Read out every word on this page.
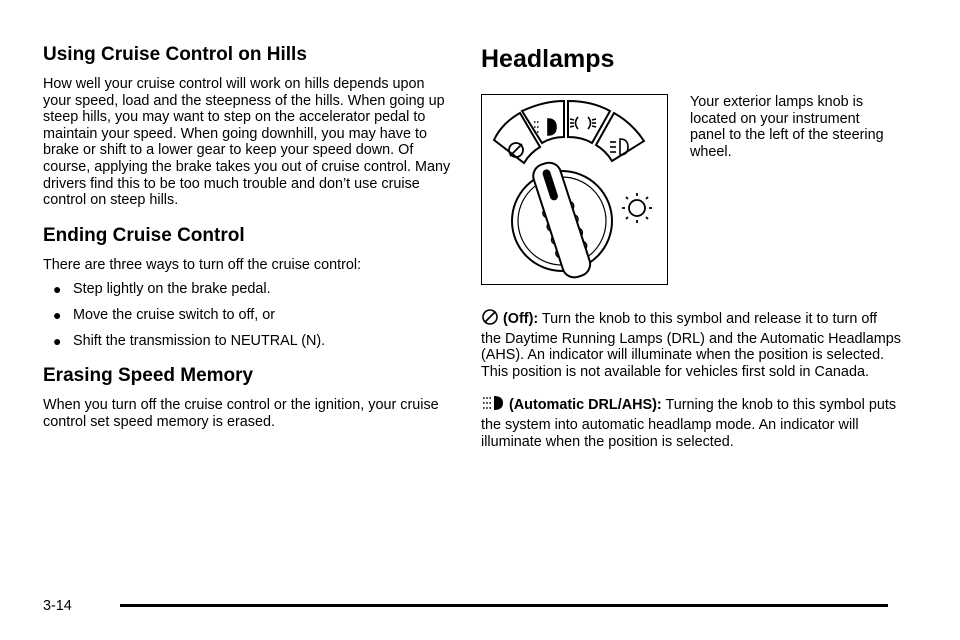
Using Cruise Control on Hills

How well your cruise control will work on hills depends upon your speed, load and the steepness of the hills. When going up steep hills, you may want to step on the accelerator pedal to maintain your speed. When going downhill, you may have to brake or shift to a lower gear to keep your speed down. Of course, applying the brake takes you out of cruise control. Many drivers find this to be too much trouble and don’t use cruise control on steep hills.

Ending Cruise Control

There are three ways to turn off the cruise control:

● Step lightly on the brake pedal.
● Move the cruise switch to off, or
● Shift the transmission to NEUTRAL (N).
Erasing Speed Memory

When you turn off the cruise control or the ignition, your cruise control set speed memory is erased.

Headlamps
Your exterior lamps knob is located on your instrument panel to the left of the steering wheel.
(Off): Turn the knob to this symbol and release it to turn off the Daytime Running Lamps (DRL) and the Automatic Headlamps (AHS). An indicator will illuminate when the position is selected. This position is not available for vehicles first sold in Canada.
(Automatic DRL/AHS): Turning the knob to this symbol puts the system into automatic headlamp mode. An indicator will illuminate when the position is selected.
3-14
